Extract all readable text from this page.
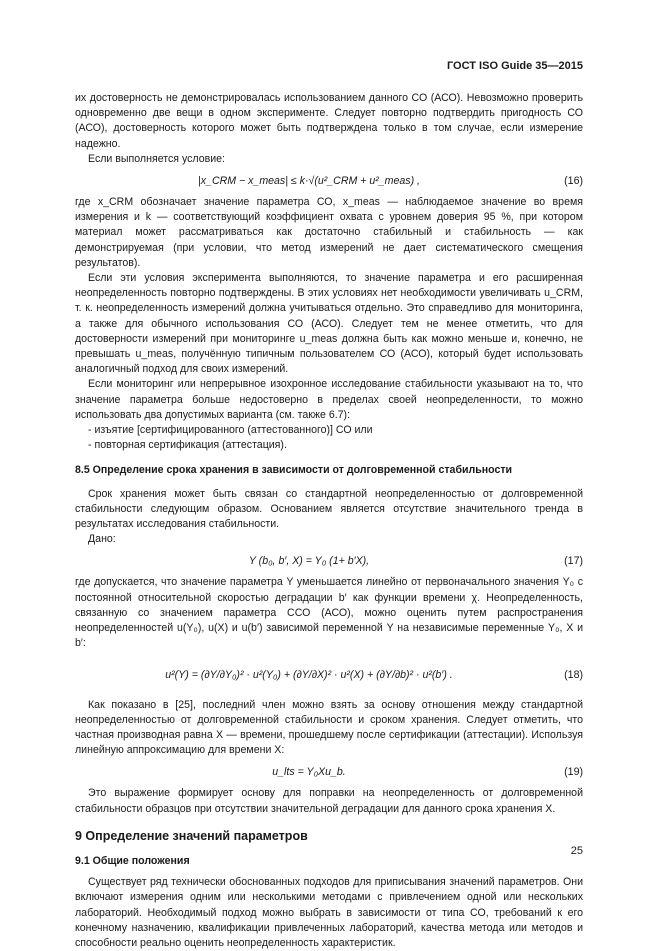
ГОСТ ISO Guide 35—2015

их достоверность не демонстрировалась использованием данного СО (АСО). Невозможно проверить одновременно две вещи в одном эксперименте. Следует повторно подтвердить пригодность СО (АСО), достоверность которого может быть подтверждена только в том случае, если измерение надежно.

Если выполняется условие:

|x_CRM − x_meas| ≤ k·√(u²_CRM + u²_meas) ,	(16)

где x_CRM обозначает значение параметра СО, x_meas — наблюдаемое значение во время измерения и k — соответствующий коэффициент охвата с уровнем доверия 95 %, при котором материал может рассматриваться как достаточно стабильный и стабильность — как демонстрируемая (при условии, что метод измерений не дает систематического смещения результатов).

Если эти условия эксперимента выполняются, то значение параметра и его расширенная неопределенность повторно подтверждены. В этих условиях нет необходимости увеличивать u_CRM, т. к. неопределенность измерений должна учитываться отдельно. Это справедливо для мониторинга, а также для обычного использования СО (АСО). Следует тем не менее отметить, что для достоверности измерений при мониторинге u_meas должна быть как можно меньше и, конечно, не превышать u_meas, получённую типичным пользователем СО (АСО), который будет использовать аналогичный подход для своих измерений.

Если мониторинг или непрерывное изохронное исследование стабильности указывают на то, что значение параметра больше недостоверно в пределах своей неопределенности, то можно использовать два допустимых варианта (см. также 6.7):

- изъятие [сертифицированного (аттестованного)] СО или

- повторная сертификация (аттестация).

8.5 Определение срока хранения в зависимости от долговременной стабильности

Срок хранения может быть связан со стандартной неопределенностью от долговременной стабильности следующим образом. Основанием является отсутствие значительного тренда в результатах исследования стабильности.

Дано:

Y (b₀, b′, X) = Y₀ (1+ b′X),	(17)

где допускается, что значение параметра Y уменьшается линейно от первоначального значения Y₀ с постоянной относительной скоростью деградации b′ как функции времени χ. Неопределенность, связанную со значением параметра ССО (АСО), можно оценить путем распространения неопределенностей u(Y₀), u(X) и u(b′) зависимой переменной Y на независимые переменные Y₀, X и b′:

u²(Y) = (∂Y/∂Y₀)² · u²(Y₀) + (∂Y/∂X)² · u²(X) + (∂Y/∂b)² · u²(b′) .	(18)

Как показано в [25], последний член можно взять за основу отношения между стандартной неопределенностью от долговременной стабильности и сроком хранения. Следует отметить, что частная производная равна X — времени, прошедшему после сертификации (аттестации). Используя линейную аппроксимацию для времени X:

u_lts = Y₀Xu_b.	(19)

Это выражение формирует основу для поправки на неопределенность от долговременной стабильности образцов при отсутствии значительной деградации для данного срока хранения X.

9 Определение значений параметров
9.1 Общие положения

Существует ряд технически обоснованных подходов для приписывания значений параметров. Они включают измерения одним или несколькими методами с привлечением одной или нескольких лабораторий. Необходимый подход можно выбрать в зависимости от типа СО, требований к его конечному назначению, квалификации привлеченных лабораторий, качества метода или методов и способности реально оценить неопределенность характеристик.

25
